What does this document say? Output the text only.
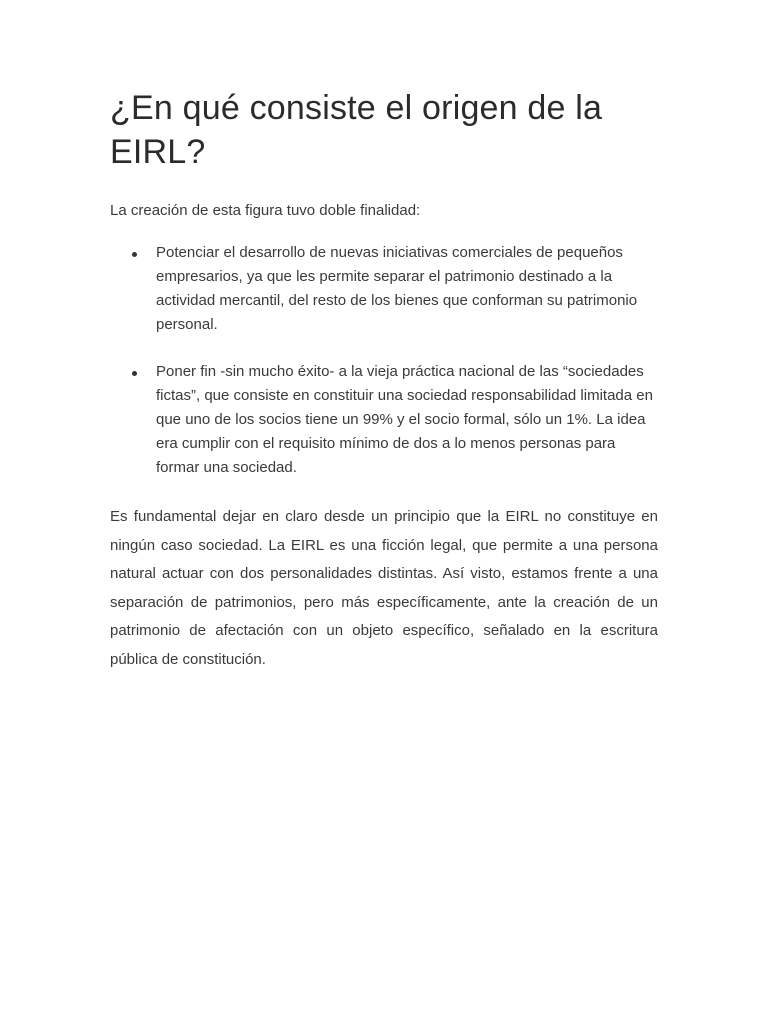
¿En qué consiste el origen de la EIRL?

La creación de esta figura tuvo doble finalidad:

Potenciar el desarrollo de nuevas iniciativas comerciales de pequeños empresarios, ya que les permite separar el patrimonio destinado a la actividad mercantil, del resto de los bienes que conforman su patrimonio personal.
Poner fin -sin mucho éxito- a la vieja práctica nacional de las “sociedades fictas”, que consiste en constituir una sociedad responsabilidad limitada en que uno de los socios tiene un 99% y el socio formal, sólo un 1%. La idea era cumplir con el requisito mínimo de dos a lo menos personas para formar una sociedad.

Es fundamental dejar en claro desde un principio que la EIRL no constituye en ningún caso sociedad. La EIRL es una ficción legal, que permite a una persona natural actuar con dos personalidades distintas. Así visto, estamos frente a una separación de patrimonios, pero más específicamente, ante la creación de un patrimonio de afectación con un objeto específico, señalado en la escritura pública de constitución.
